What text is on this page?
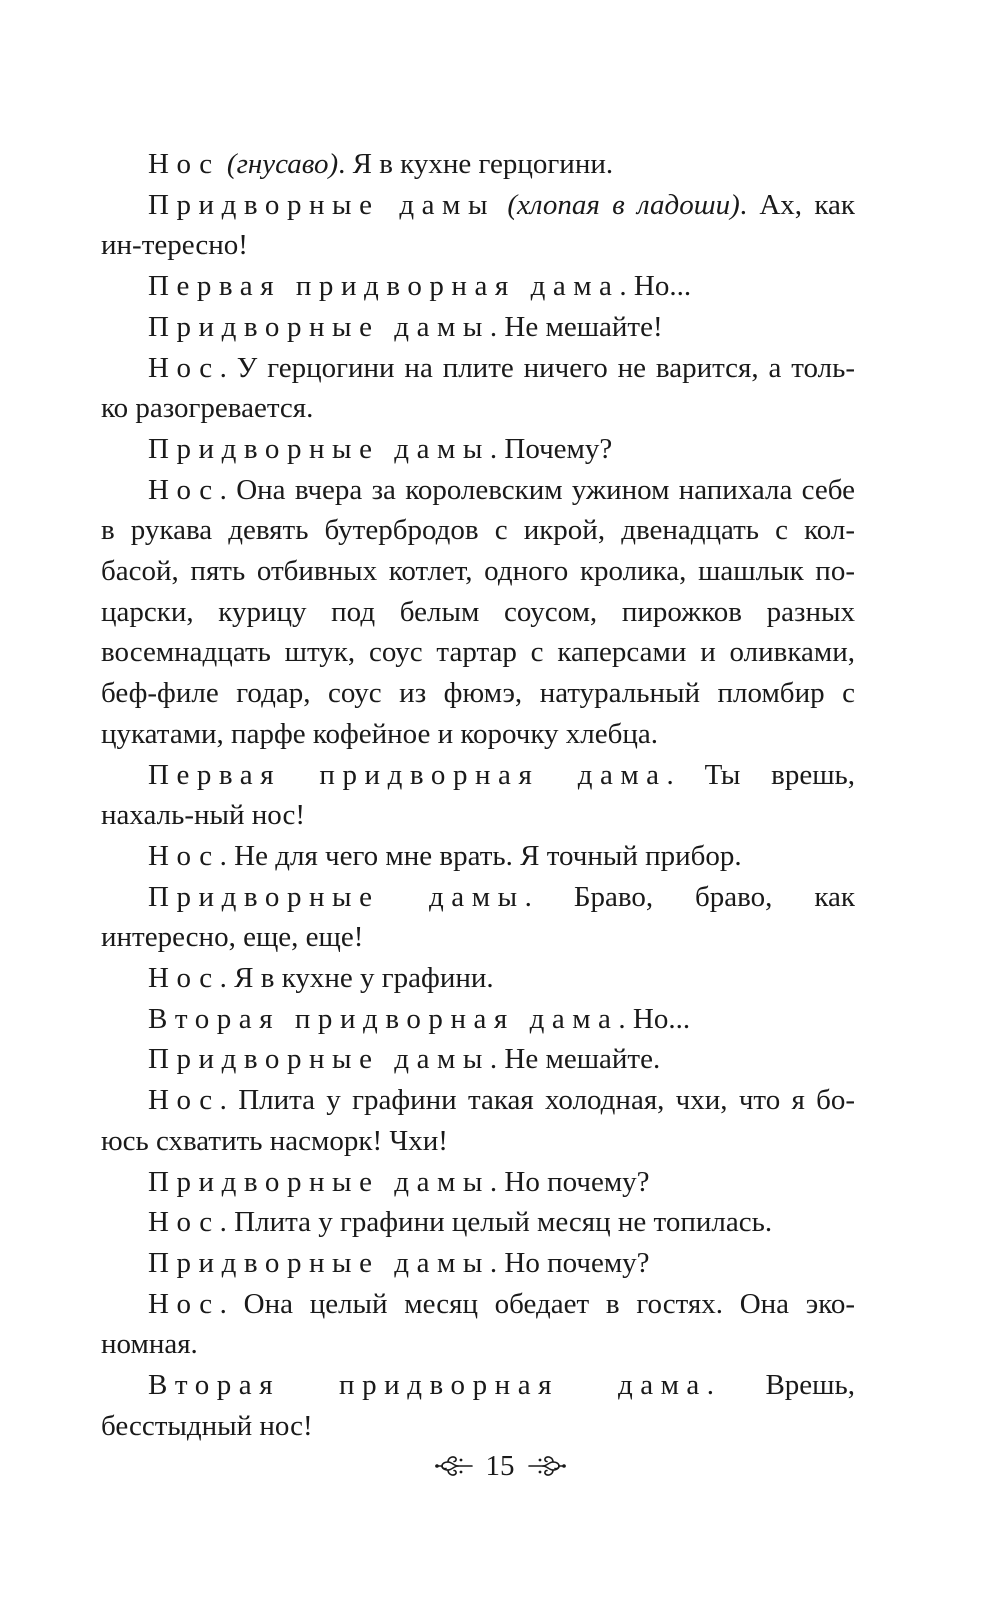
Нос (гнусаво). Я в кухне герцогини.

Придворные дамы (хлопая в ладоши). Ах, как ин-тересно!

Первая придворная дама. Но...

Придворные дамы. Не мешайте!

Нос. У герцогини на плите ничего не варится, а толь-ко разогревается.

Придворные дамы. Почему?

Нос. Она вчера за королевским ужином напихала себе в рукава девять бутербродов с икрой, двенадцать с кол-басой, пять отбивных котлет, одного кролика, шашлык по-царски, курицу под белым соусом, пирожков разных восемнадцать штук, соус тартар с каперсами и оливками, беф-филе годар, соус из фюмэ, натуральный пломбир с цукатами, парфе кофейное и корочку хлебца.

Первая придворная дама. Ты врешь, нахаль-ный нос!

Нос. Не для чего мне врать. Я точный прибор.

Придворные дамы. Браво, браво, как интересно, еще, еще!

Нос. Я в кухне у графини.

Вторая придворная дама. Но...

Придворные дамы. Не мешайте.

Нос. Плита у графини такая холодная, чхи, что я бо-юсь схватить насморк! Чхи!

Придворные дамы. Но почему?

Нос. Плита у графини целый месяц не топилась.

Придворные дамы. Но почему?

Нос. Она целый месяц обедает в гостях. Она эко-номная.

Вторая придворная дама. Врешь, бесстыдный нос!

15
